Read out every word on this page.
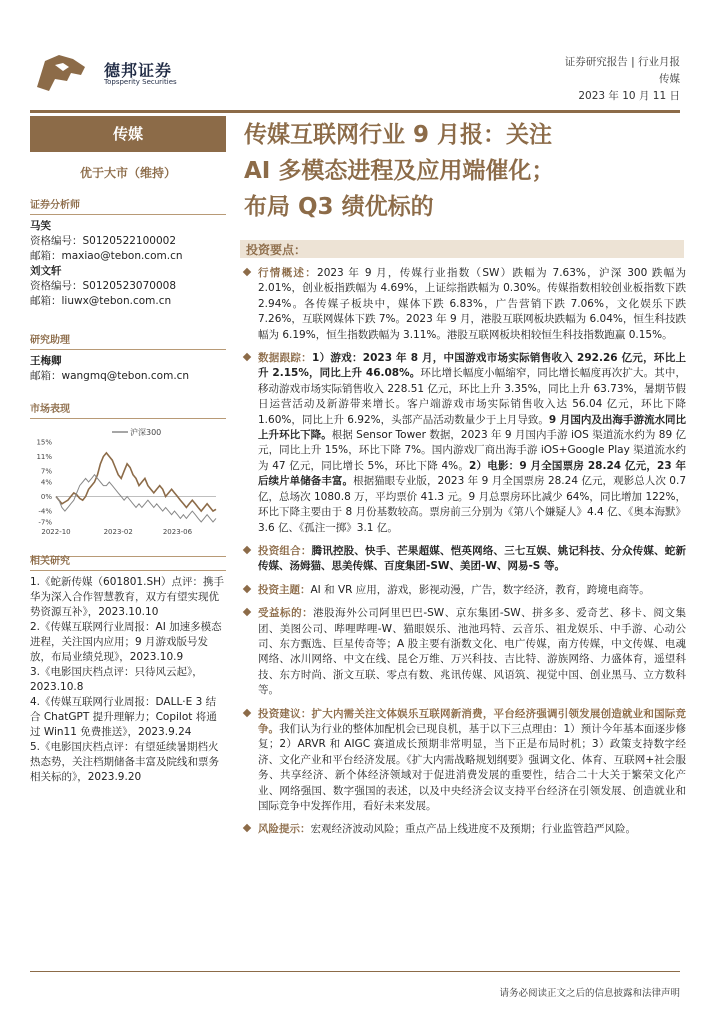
德邦证券
Topsperity Securities
证券研究报告 | 行业月报
传媒
2023 年 10 月 11 日
传媒
优于大市（维持）
证券分析师
马笑
资格编号：S0120522100002
邮箱：maxiao@tebon.com.cn
刘文轩
资格编号：S0120523070008
邮箱：liuwx@tebon.com.cn
研究助理
王梅卿
邮箱：wangmq@tebon.com.cn
市场表现
15%
11%
7%
4%
0%
-4%
-7%
2022-10	2023-02	2023-06
沪深300
相关研究

1.《蛇新传媒（601801.SH）点评：携手华为深入合作智慧教育，双方有望实现优势资源互补》，2023.10.10

2.《传媒互联网行业周报：AI 加速多模态进程，关注国内应用；9 月游戏版号发放，布局业绩兑现》，2023.10.9

3.《电影国庆档点评：只待风云起》，2023.10.8

4.《传媒互联网行业周报：DALL·E 3 结合 ChatGPT 提升理解力；Copilot 将通过 Win11 免费推送》，2023.9.24

5.《电影国庆档点评：有望延续暑期档火热态势，关注档期储备丰富及院线和票务相关标的》，2023.9.20

传媒互联网行业 9 月报：关注
AI 多模态进程及应用端催化；
布局 Q3 绩优标的
投资要点：
行情概述：2023 年 9 月，传媒行业指数（SW）跌幅为 7.63%，沪深 300 跌幅为 2.01%，创业板指跌幅为 4.69%，上证综指跌幅为 0.30%。传媒指数相较创业板指数下跌 2.94%。各传媒子板块中，媒体下跌 6.83%，广告营销下跌 7.06%，文化娱乐下跌 7.26%，互联网媒体下跌 7%。2023 年 9 月，港股互联网板块跌幅为 6.04%，恒生科技跌幅为 6.19%，恒生指数跌幅为 3.11%。港股互联网板块相较恒生科技指数跑赢 0.15%。
数据跟踪：1）游戏：2023 年 8 月，中国游戏市场实际销售收入 292.26 亿元，环比上升 2.15%，同比上升 46.08%。环比增长幅度小幅缩窄，同比增长幅度再次扩大。其中，移动游戏市场实际销售收入 228.51 亿元，环比上升 3.35%，同比上升 63.73%，暑期节假日运营活动及新游带来增长。客户端游戏市场实际销售收入达 56.04 亿元，环比下降 1.60%，同比上升 6.92%，头部产品活动数量少于上月导致。9 月国内及出海手游流水同比上升环比下降。根据 Sensor Tower 数据，2023 年 9 月国内手游 iOS 渠道流水约为 89 亿元，同比上升 15%，环比下降 7%。国内游戏厂商出海手游 iOS+Google Play 渠道流水约为 47 亿元，同比增长 5%，环比下降 4%。2）电影：9 月全国票房 28.24 亿元，23 年后续片单储备丰富。根据猫眼专业版，2023 年 9 月全国票房 28.24 亿元，观影总人次 0.7 亿，总场次 1080.8 万，平均票价 41.3 元。9 月总票房环比减少 64%，同比增加 122%，环比下降主要由于 8 月份基数较高。票房前三分别为《第八个嫌疑人》4.4 亿、《奥本海默》3.6 亿、《孤注一掷》3.1 亿。
投资组合：腾讯控股、快手、芒果超媒、恺英网络、三七互娱、姚记科技、分众传媒、蛇新传媒、汤姆猫、思美传媒、百度集团-SW、美团-W、网易-S 等。
投资主题：AI 和 VR 应用，游戏，影视动漫，广告，数字经济，教育，跨境电商等。
受益标的：港股海外公司阿里巴巴-SW、京东集团-SW、拼多多、爱奇艺、移卡、阅文集团、美图公司、哔哩哔哩-W、猫眼娱乐、池池玛特、云音乐、祖龙娱乐、中手游、心动公司、东方甄选、巨星传奇等；A 股主要有浙数文化、电广传媒，南方传媒，中文传媒、电魂网络、冰川网络、中文在线、昆仑万维、万兴科技、吉比特、游族网络、力盛体育，遥望科技、东方时尚、浙文互联、零点有数、兆讯传媒、风语筑、视觉中国、创业黑马、立方数科等。
投资建议：扩大内需关注文体娱乐互联网新消费，平台经济强调引领发展创造就业和国际竞争。我们认为行业的整体加配机会已现良机，基于以下三点理由：1）预计今年基本面逐步修复；2）ARVR 和 AIGC 赛道成长预期非常明显，当下正是布局时机；3）政策支持数字经济、文化产业和平台经济发展。《扩大内需战略规划纲要》强调文化、体育、互联网+社会服务、共享经济、新个体经济领域对于促进消费发展的重要性，结合二十大关于繁荣文化产业、网络强国、数字强国的表述，以及中央经济会议支持平台经济在引领发展、创造就业和国际竞争中发挥作用，看好未来发展。
风险提示：宏观经济波动风险；重点产品上线进度不及预期；行业监管趋严风险。
请务必阅读正文之后的信息披露和法律声明
